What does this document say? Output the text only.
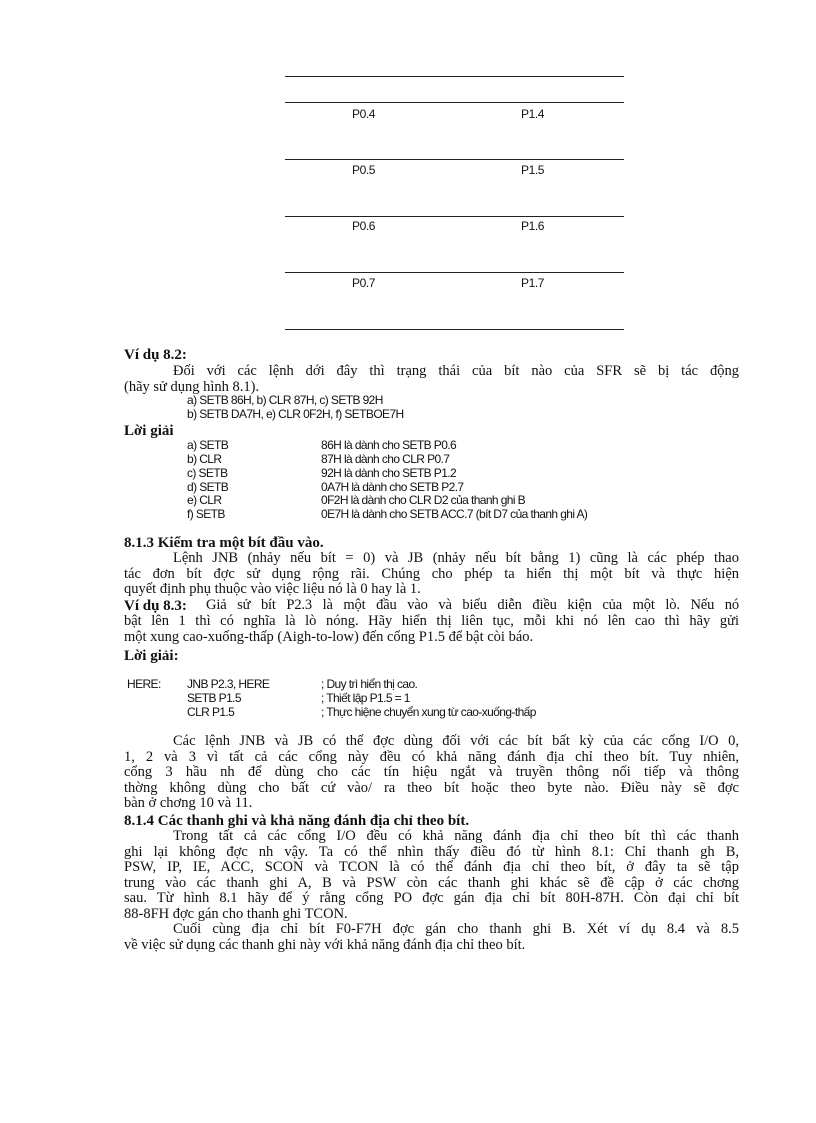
P0.4	P1.4
P0.5	P1.5
P0.6	P1.6
P0.7	P1.7
Ví dụ 8.2:
Đối với các lệnh dới đây thì trạng thái của bít nào của SFR sẽ bị tác động
(hãy sử dụng hình 8.1).
a) SETB 86H, b) CLR 87H, c) SETB 92H
b) SETB DA7H, e) CLR 0F2H, f) SETBOE7H
Lời giải
a) SETB	86H là dành cho SETB P0.6
b) CLR	87H là dành cho CLR P0.7
c) SETB	92H là dành cho SETB P1.2
d) SETB	0A7H là dành cho SETB P2.7
e) CLR	0F2H là dành cho CLR D2 của thanh ghi B
f) SETB	0E7H là dành cho SETB ACC.7 (bít D7 của thanh ghi A)
8.1.3 Kiểm tra một bít đầu vào.
Lệnh JNB (nhảy nếu bít = 0) và JB (nhảy nếu bít bằng 1) cũng là các phép thao
tác đơn bít đợc sử dụng rộng rãi. Chúng cho phép ta hiển thị một bít và thực hiện
quyết định phụ thuộc vào việc liệu nó là 0 hay là 1.
Ví dụ 8.3: Giả sử bít P2.3 là một đầu vào và biểu diễn điều kiện của một lò. Nếu nó
bật lên 1 thì có nghĩa là lò nóng. Hãy hiển thị liên tục, mỗi khi nó lên cao thì hãy gửi
một xung cao-xuống-thấp (Aigh-to-low) đến cổng P1.5 để bật còi báo.
Lời giải:
HERE: JNB P2.3, HERE	; Duy trì hiển thị cao.
SETB P1.5	; Thiết lập P1.5 = 1
CLR P1.5	; Thực hiệne chuyển xung từ cao-xuống-thấp
Các lệnh JNB và JB có thể đợc dùng đối với các bít bất kỳ của các cổng I/O 0,
1, 2 và 3 vì tất cả các cổng này đều có khả năng đánh địa chỉ theo bít. Tuy nhiên,
cổng 3 hầu nh để dùng cho các tín hiệu ngắt và truyền thông nối tiếp và thông
thờng không dùng cho bất cứ vào/ ra theo bít hoặc theo byte nào. Điều này sẽ đợc
bàn ở chơng 10 và 11.
8.1.4 Các thanh ghi và khả năng đánh địa chỉ theo bít.
Trong tất cả các cổng I/O đều có khả năng đánh địa chỉ theo bít thì các thanh
ghi lại không đợc nh vậy. Ta có thể nhìn thấy điều đó từ hình 8.1: Chỉ thanh gh B,
PSW, IP, IE, ACC, SCON và TCON là có thể đánh địa chỉ theo bít, ở đây ta sẽ tập
trung vào các thanh ghi A, B và PSW còn các thanh ghi khác sẽ đề cập ở các chơng
sau. Từ hình 8.1 hãy để ý rằng cổng PO đợc gán địa chỉ bít 80H-87H. Còn đại chỉ bít
88-8FH đợc gán cho thanh ghi TCON.
Cuối cùng địa chỉ bít F0-F7H đợc gán cho thanh ghi B. Xét ví dụ 8.4 và 8.5
về việc sử dụng các thanh ghi này với khả năng đánh địa chỉ theo bít.
